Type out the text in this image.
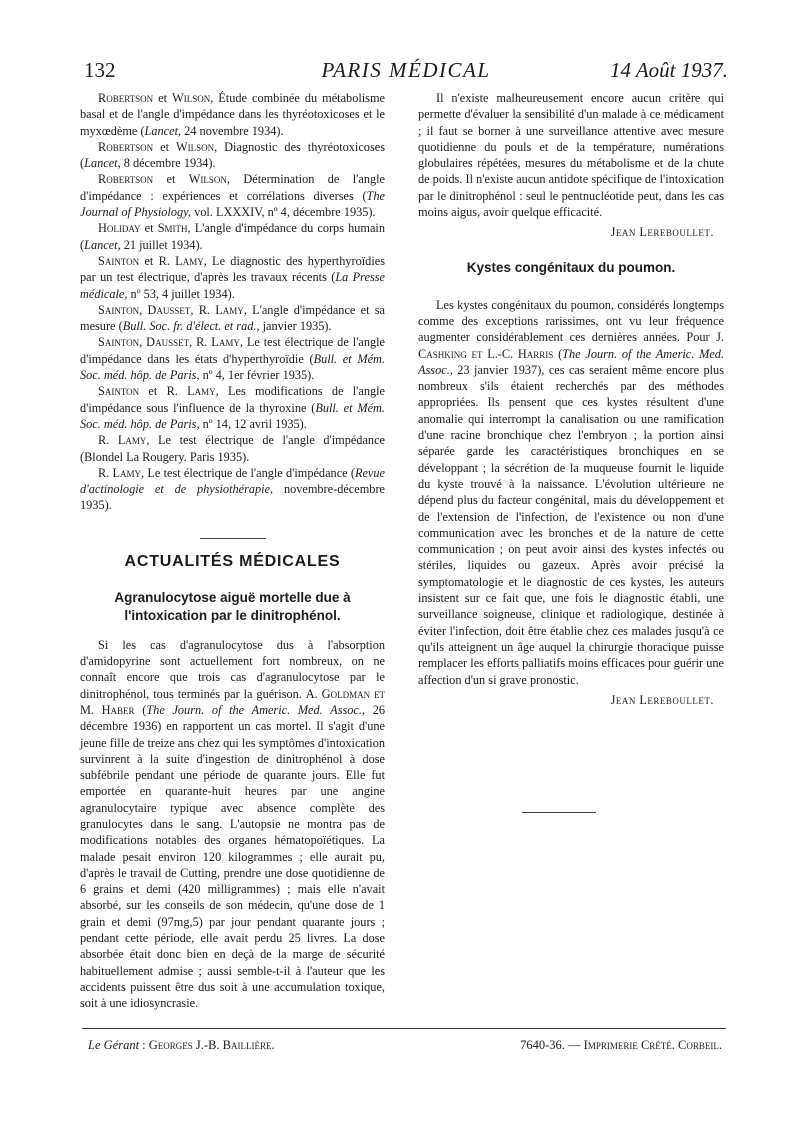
132	PARIS MÉDICAL	14 Août 1937.

Robertson et Wilson, Étude combinée du métabolisme basal et de l'angle d'impédance dans les thyréotoxicoses et le myxœdème (Lancet, 24 novembre 1934).

Robertson et Wilson, Diagnostic des thyréotoxicoses (Lancet, 8 décembre 1934).

Robertson et Wilson, Détermination de l'angle d'impédance : expériences et corrélations diverses (The Journal of Physiology, vol. LXXXIV, nº 4, décembre 1935).

Holiday et Smith, L'angle d'impédance du corps humain (Lancet, 21 juillet 1934).

Sainton et R. Lamy, Le diagnostic des hyperthyroïdies par un test électrique, d'après les travaux récents (La Presse médicale, nº 53, 4 juillet 1934).

Sainton, Dausset, R. Lamy, L'angle d'impédance et sa mesure (Bull. Soc. fr. d'élect. et rad., janvier 1935).

Sainton, Dausset, R. Lamy, Le test électrique de l'angle d'impédance dans les états d'hyperthyroïdie (Bull. et Mém. Soc. méd. hôp. de Paris, nº 4, 1er février 1935).

Sainton et R. Lamy, Les modifications de l'angle d'impédance sous l'influence de la thyroxine (Bull. et Mém. Soc. méd. hôp. de Paris, nº 14, 12 avril 1935).

R. Lamy, Le test électrique de l'angle d'impédance (Blondel La Rougery. Paris 1935).

R. Lamy, Le test électrique de l'angle d'impédance (Revue d'actinologie et de physiothérapie, novembre-décembre 1935).

ACTUALITÉS MÉDICALES
Agranulocytose aiguë mortelle due à l'intoxication par le dinitrophénol.

Si les cas d'agranulocytose dus à l'absorption d'amidopyrine sont actuellement fort nombreux, on ne connaît encore que trois cas d'agranulocytose par le dinitrophénol, tous terminés par la guérison. A. Goldman et M. Haber (The Journ. of the Americ. Med. Assoc., 26 décembre 1936) en rapportent un cas mortel. Il s'agit d'une jeune fille de treize ans chez qui les symptômes d'intoxication survinrent à la suite d'ingestion de dinitrophénol à dose subfébrile pendant une période de quarante jours. Elle fut emportée en quarante-huit heures par une angine agranulocytaire typique avec absence complète des granulocytes dans le sang. L'autopsie ne montra pas de modifications notables des organes hématopoïétiques. La malade pesait environ 120 kilogrammes ; elle aurait pu, d'après le travail de Cutting, prendre une dose quotidienne de 6 grains et demi (420 milligrammes) ; mais elle n'avait absorbé, sur les conseils de son médecin, qu'une dose de 1 grain et demi (97mg,5) par jour pendant quarante jours ; pendant cette période, elle avait perdu 25 livres. La dose absorbée était donc bien en deçà de la marge de sécurité habituellement admise ; aussi semble-t-il à l'auteur que les accidents puissent être dus soit à une accumulation toxique, soit à une idiosyncrasie.

Il n'existe malheureusement encore aucun critère qui permette d'évaluer la sensibilité d'un malade à ce médicament ; il faut se borner à une surveillance attentive avec mesure quotidienne du pouls et de la température, numérations globulaires répétées, mesures du métabolisme et de la chute de poids. Il n'existe aucun antidote spécifique de l'intoxication par le dinitrophénol : seul le pentnucléotide peut, dans les cas moins aigus, avoir quelque efficacité.

Jean Lereboullet.
Kystes congénitaux du poumon.

Les kystes congénitaux du poumon, considérés longtemps comme des exceptions rarissimes, ont vu leur fréquence augmenter considérablement ces dernières années. Pour J. Cashking et L.-C. Harris (The Journ. of the Americ. Med. Assoc., 23 janvier 1937), ces cas seraient même encore plus nombreux s'ils étaient recherchés par des méthodes appropriées. Ils pensent que ces kystes résultent d'une anomalie qui interrompt la canalisation ou une ramification d'une racine bronchique chez l'embryon ; la portion ainsi séparée garde les caractéristiques bronchiques en se développant ; la sécrétion de la muqueuse fournit le liquide du kyste trouvé à la naissance. L'évolution ultérieure ne dépend plus du facteur congénital, mais du développement et de l'extension de l'infection, de l'existence ou non d'une communication avec les bronches et de la nature de cette communication ; on peut avoir ainsi des kystes infectés ou stériles, liquides ou gazeux. Après avoir précisé la symptomatologie et le diagnostic de ces kystes, les auteurs insistent sur ce fait que, une fois le diagnostic établi, une surveillance soigneuse, clinique et radiologique, destinée à éviter l'infection, doit être établie chez ces malades jusqu'à ce qu'ils atteignent un âge auquel la chirurgie thoracique puisse remplacer les efforts palliatifs moins efficaces pour guérir une affection d'un si grave pronostic.

Jean Lereboullet.
Le Gérant : Georges J.-B. Baillière.	7640-36. — Imprimerie Crété. Corbeil.
